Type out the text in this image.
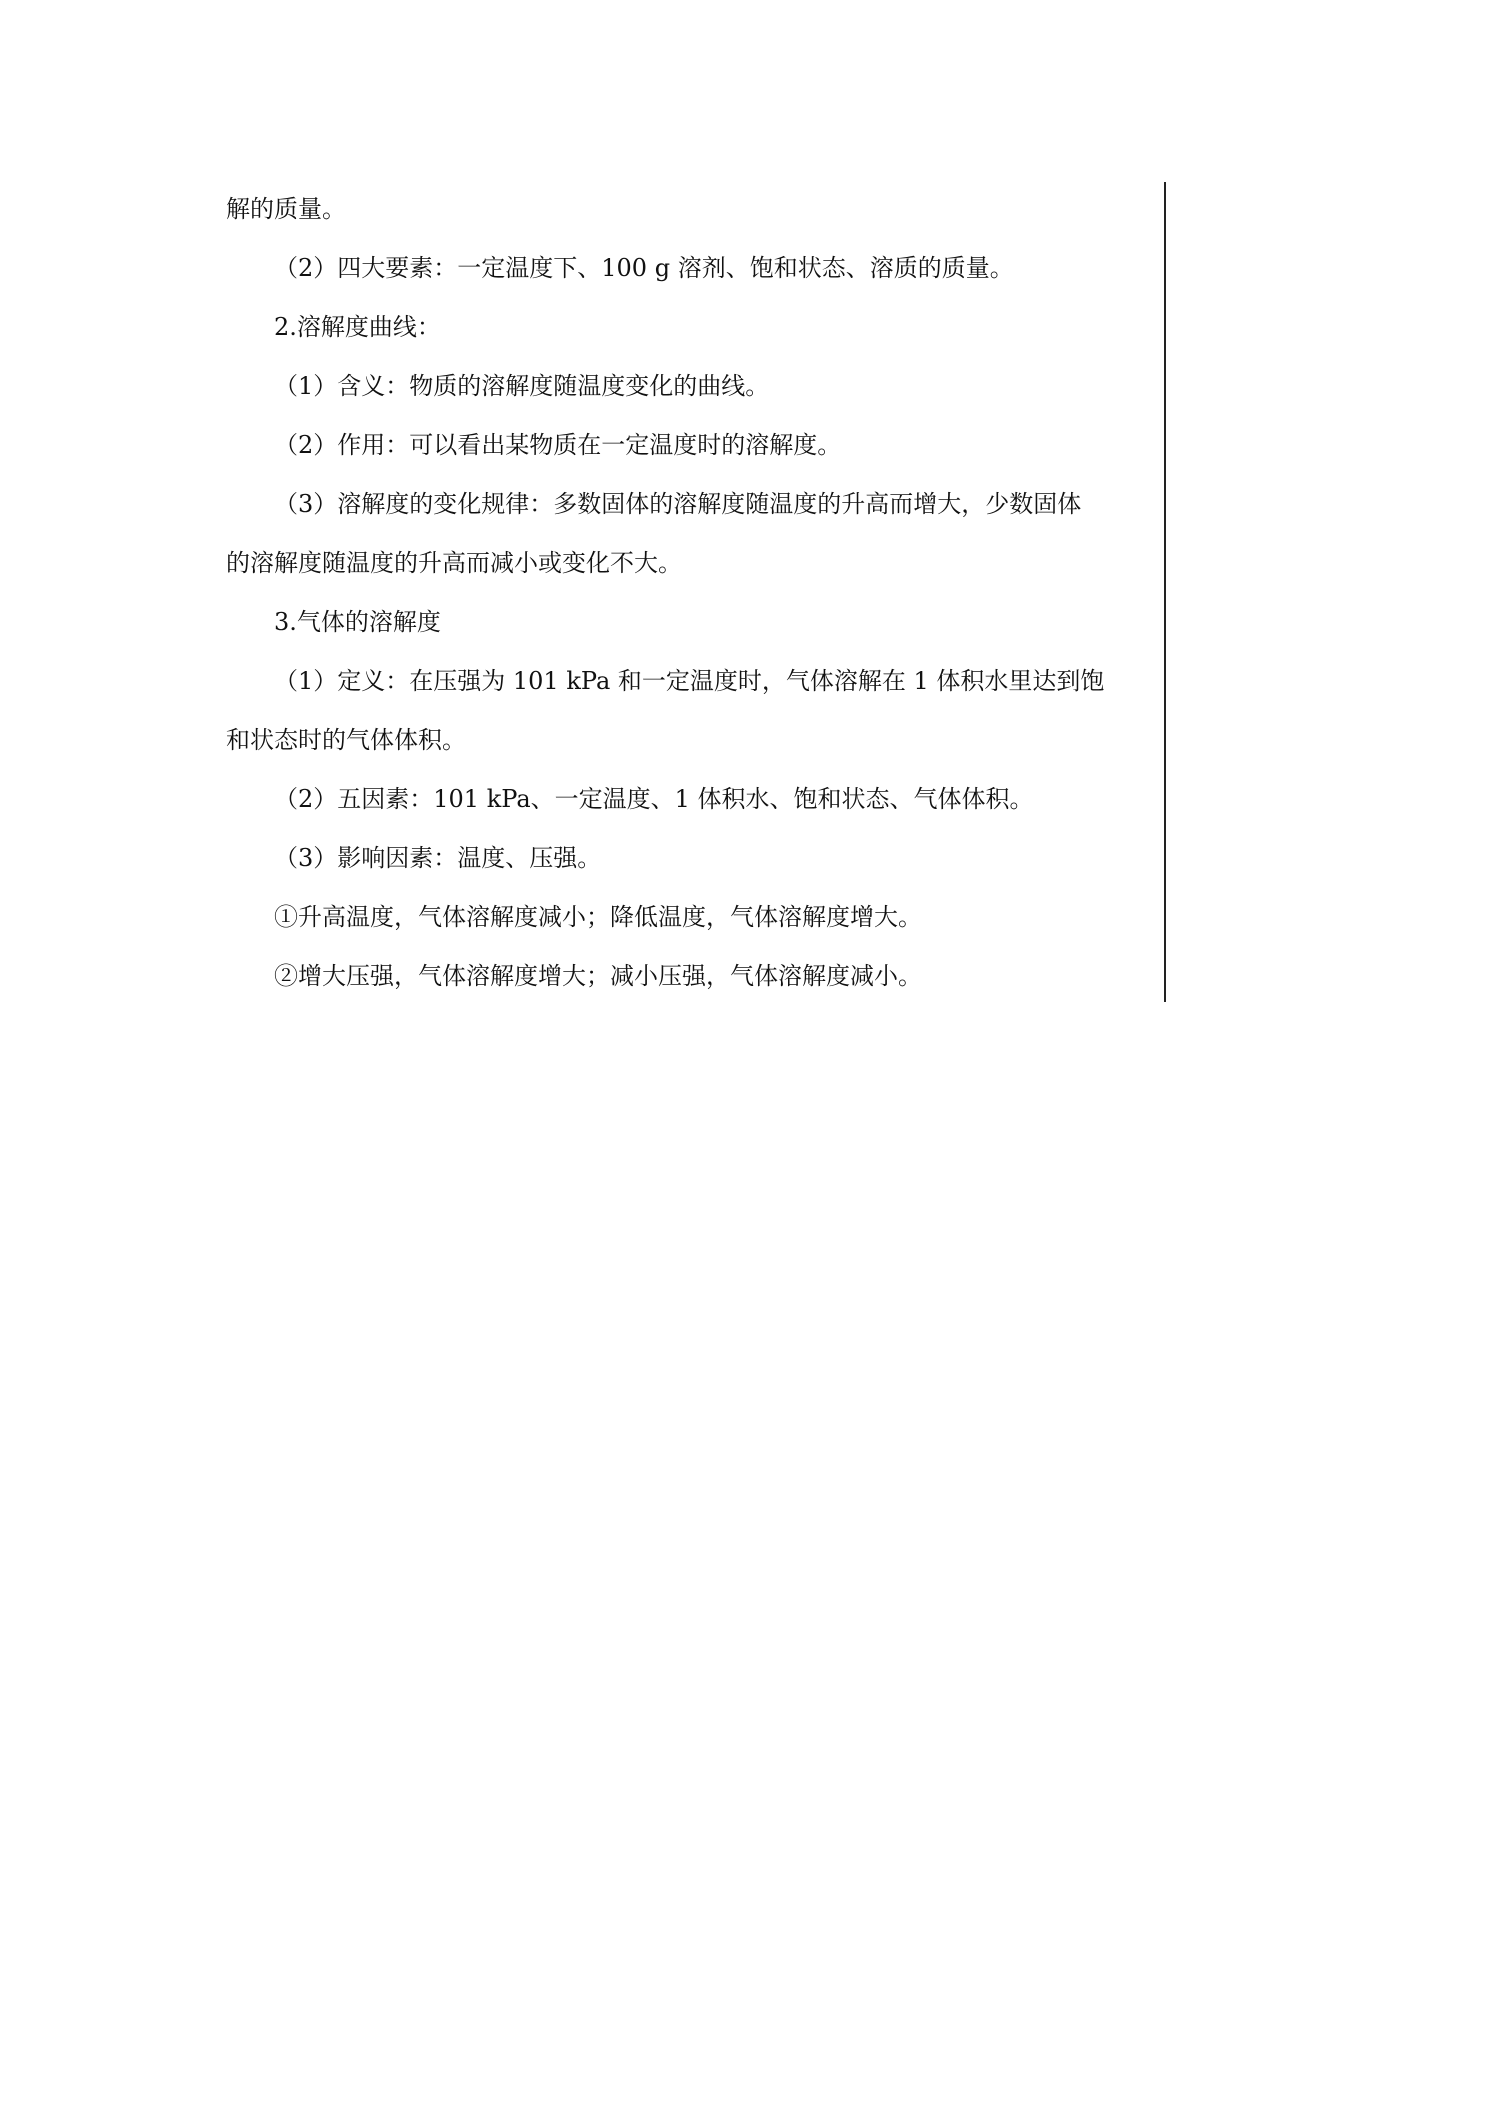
解的质量。

（2）四大要素：一定温度下、100 g 溶剂、饱和状态、溶质的质量。

2.溶解度曲线：

（1）含义：物质的溶解度随温度变化的曲线。

（2）作用：可以看出某物质在一定温度时的溶解度。

（3）溶解度的变化规律：多数固体的溶解度随温度的升高而增大，少数固体

的溶解度随温度的升高而减小或变化不大。

3.气体的溶解度

（1）定义：在压强为 101 kPa 和一定温度时，气体溶解在 1 体积水里达到饱

和状态时的气体体积。

（2）五因素：101 kPa、一定温度、1 体积水、饱和状态、气体体积。

（3）影响因素：温度、压强。

①升高温度，气体溶解度减小；降低温度，气体溶解度增大。

②增大压强，气体溶解度增大；减小压强，气体溶解度减小。
